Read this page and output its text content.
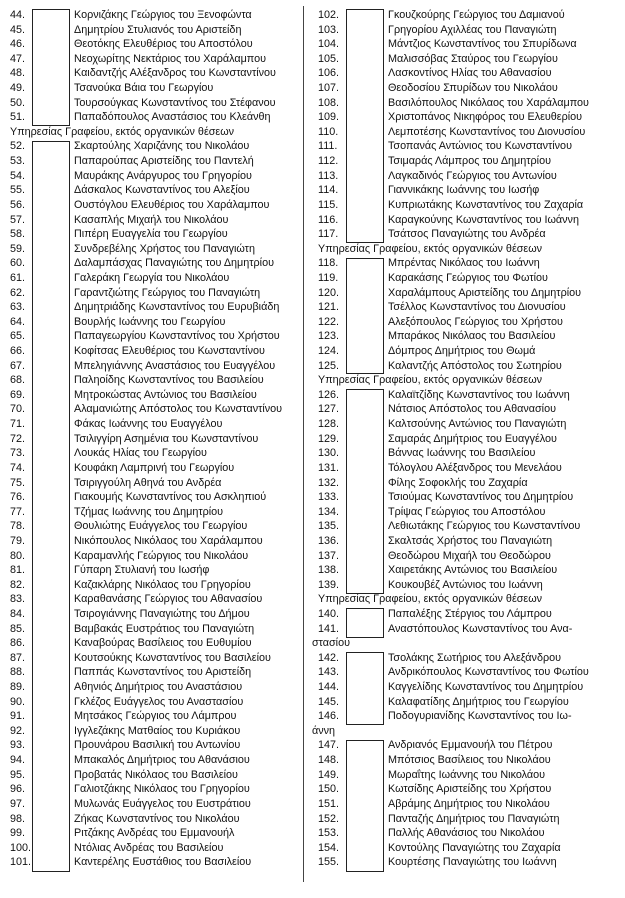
44.	Κορνιζάκης Γεώργιος του Ξενοφώντα
45.	Δημητρίου Στυλιανός του Αριστείδη
46.	Θεοτόκης Ελευθέριος του Αποστόλου
47.	Νεοχωρίτης Νεκτάριος του Χαράλαμπου
48.	Καιδαντζής Αλέξανδρος του Κωνσταντίνου
49.	Τσανούκα Βάια του Γεωργίου
50.	Τουρσούγκας Κωνσταντίνος του Στέφανου
51.	Παπαδόπουλος Αναστάσιος του Κλεάνθη
Υπηρεσίας Γραφείου, εκτός οργανικών θέσεων
52.	Σκαρτούλης Χαριζάνης του Νικολάου
53.	Παπαρούπας Αριστείδης του Παντελή
54.	Μαυράκης Ανάργυρος του Γρηγορίου
55.	Δάσκαλος Κωνσταντίνος του Αλεξίου
56.	Ουστόγλου Ελευθέριος του Χαράλαμπου
57.	Κασαπλής Μιχαήλ του Νικολάου
58.	Πιπέρη Ευαγγελία του Γεωργίου
59.	Συνδρεβέλης Χρήστος του Παναγιώτη
60.	Δαλαμπάσχας Παναγιώτης του Δημητρίου
61.	Γαλεράκη Γεωργία του Νικολάου
62.	Γαραντζιώτης Γεώργιος του Παναγιώτη
63.	Δημητριάδης Κωνσταντίνος του Ευρυβιάδη
64.	Βουρλής Ιωάννης του Γεωργίου
65.	Παπαγεωργίου Κωνσταντίνος του Χρήστου
66.	Κοφίτσας Ελευθέριος του Κωνσταντίνου
67.	Μπεληγιάννης Αναστάσιος του Ευαγγέλου
68.	Παληοίδης Κωνσταντίνος του Βασιλείου
69.	Μητροκώστας Αντώνιος του Βασιλείου
70.	Αλαμανιώτης Απόστολος του Κωνσταντίνου
71.	Φάκας Ιωάννης του Ευαγγέλου
72.	Τσιλιγγίρη Ασημένια του Κωνσταντίνου
73.	Λουκάς Ηλίας του Γεωργίου
74.	Κουφάκη Λαμπρινή του Γεωργίου
75.	Τσιριγγούλη Αθηνά του Ανδρέα
76.	Γιακουμής Κωνσταντίνος του Ασκληπιού
77.	Τζήμας Ιωάννης του Δημητρίου
78.	Θουλιώτης Ευάγγελος του Γεωργίου
79.	Νικόπουλος Νικόλαος του Χαράλαμπου
80.	Καραμανλής Γεώργιος του Νικολάου
81.	Γύπαρη Στυλιανή του Ιωσήφ
82.	Καζακλάρης Νικόλαος του Γρηγορίου
83.	Καραθανάσης Γεώργιος του Αθανασίου
84.	Τσιρογιάννης Παναγιώτης του Δήμου
85.	Βαμβακάς Ευστράτιος του Παναγιώτη
86.	Καναβούρας Βασίλειος του Ευθυμίου
87.	Κουτσούκης Κωνσταντίνος του Βασιλείου
88.	Παππάς Κωνσταντίνος του Αριστείδη
89.	Αθηνιός Δημήτριος του Αναστάσιου
90.	Γκλέζος Ευάγγελος του Αναστασίου
91.	Μητσάκος Γεώργιος του Λάμπρου
92.	Ιγγλεζάκης Ματθαίος του Κυριάκου
93.	Προυνάρου Βασιλική του Αντωνίου
94.	Μπακαλός Δημήτριος του Αθανάσιου
95.	Προβατάς Νικόλαος του Βασιλείου
96.	Γαλιοτζάκης Νικόλαος του Γρηγορίου
97.	Μυλωνάς Ευάγγελος του Ευστράτιου
98.	Ζήκας Κωνσταντίνος του Νικολάου
99.	Ριτζάκης Ανδρέας του Εμμανουήλ
100.	Ντόλιας Ανδρέας του Βασιλείου
101.	Καντερέλης Ευστάθιος του Βασιλείου
102.	Γκουζκούρης Γεώργιος του Δαμιανού
103.	Γρηγορίου Αχιλλέας του Παναγιώτη
104.	Μάντζιος Κωνσταντίνος του Σπυρίδωνα
105.	Μαλισσόβας Σταύρος του Γεωργίου
106.	Λασκοντίνος Ηλίας του Αθανασίου
107.	Θεοδοσίου Σπυρίδων του Νικολάου
108.	Βασιλόπουλος Νικόλαος του Χαράλαμπου
109.	Χριστοπάνος Νικηφόρος του Ελευθερίου
110.	Λεμποτέσης Κωνσταντίνος του Διονυσίου
111.	Τσοπανάς Αντώνιος του Κωνσταντίνου
112.	Τσιμαράς Λάμπρος του Δημητρίου
113.	Λαγκαδινός Γεώργιος του Αντωνίου
114.	Γιαννικάκης Ιωάννης του Ιωσήφ
115.	Κυπριωτάκης Κωνσταντίνος του Ζαχαρία
116.	Καραγκούνης Κωνσταντίνος του Ιωάννη
117.	Τσάτσος Παναγιώτης του Ανδρέα
Υπηρεσίας Γραφείου, εκτός οργανικών θέσεων
118.	Μπρέντας Νικόλαος του Ιωάννη
119.	Καρακάσης Γεώργιος του Φωτίου
120.	Χαραλάμπους Αριστείδης του Δημητρίου
121.	Τσέλλος Κωνσταντίνος του Διονυσίου
122.	Αλεξόπουλος Γεώργιος του Χρήστου
123.	Μπαράκος Νικόλαος του Βασιλείου
124.	Δόμπρος Δημήτριος του Θωμά
125.	Καλαντζής Απόστολος του Σωτηρίου
Υπηρεσίας Γραφείου, εκτός οργανικών θέσεων
126.	Καλαϊτζίδης Κωνσταντίνος του Ιωάννη
127.	Νάτσιος Απόστολος του Αθανασίου
128.	Καλτσούνης Αντώνιος του Παναγιώτη
129.	Σαμαράς Δημήτριος του Ευαγγέλου
130.	Βάννας Ιωάννης του Βασιλείου
131.	Τόλογλου Αλέξανδρος του Μενελάου
132.	Φίλης Σοφοκλής του Ζαχαρία
133.	Τσιούμας Κωνσταντίνος του Δημητρίου
134.	Τρίψας Γεώργιος του Αποστόλου
135.	Λεθιωτάκης Γεώργιος του Κωνσταντίνου
136.	Σκαλτσάς Χρήστος του Παναγιώτη
137.	Θεοδώρου Μιχαήλ του Θεοδώρου
138.	Χαιρετάκης Αντώνιος του Βασιλείου
139.	Κουκουβέζ Αντώνιος του Ιωάννη
Υπηρεσίας Γραφείου, εκτός οργανικών θέσεων
140.	Παπαλέξης Στέργιος του Λάμπρου
141.	Αναστόπουλος Κωνσταντίνος του Ανα-
στασίου
142.	Τσολάκης Σωτήριος του Αλεξάνδρου
143.	Ανδρικόπουλος Κωνσταντίνος του Φωτίου
144.	Καγγελίδης Κωνσταντίνος του Δημητρίου
145.	Καλαφατίδης Δημήτριος του Γεωργίου
146.	Ποδογυριανίδης Κωνσταντίνος του Ιω-
άννη
147.	Ανδριανός Εμμανουήλ του Πέτρου
148.	Μπότσιος Βασίλειος του Νικολάου
149.	Μωραΐτης Ιωάννης του Νικολάου
150.	Κωτσίδης Αριστείδης του Χρήστου
151.	Αβράμης Δημήτριος του Νικολάου
152.	Πανταζής Δημήτριος του Παναγιώτη
153.	Παλλής Αθανάσιος του Νικολάου
154.	Κοντούλης Παναγιώτης του Ζαχαρία
155.	Κουρτέσης Παναγιώτης του Ιωάννη
